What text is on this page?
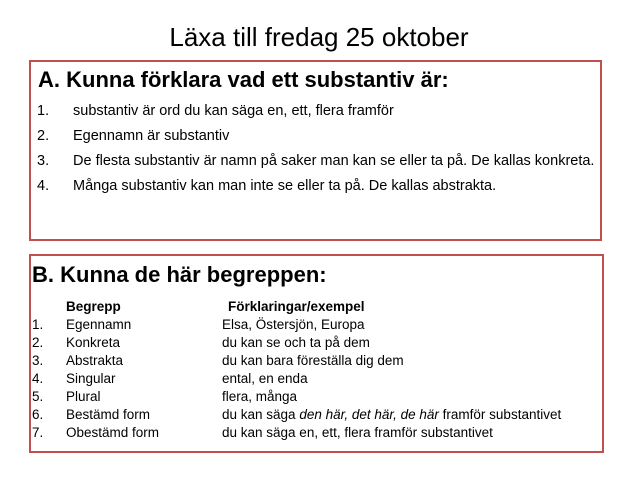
Läxa till fredag 25 oktober
A. Kunna förklara vad ett substantiv är:
1.	substantiv är ord du kan säga en, ett, flera framför
2.	Egennamn är substantiv
3.	De flesta substantiv är namn på saker man kan se eller ta på. De kallas konkreta.
4.	Många substantiv kan man inte se eller ta på. De kallas abstrakta.
B. Kunna de här begreppen:
	Begrepp	Förklaringar/exempel
1.	Egennamn	Elsa, Östersjön, Europa
2.	Konkreta	du kan se och ta på dem
3.	Abstrakta	du kan bara föreställa dig dem
4.	Singular	ental, en enda
5.	Plural	flera, många
6.	Bestämd form	du kan säga den här, det här, de här framför substantivet
7.	Obestämd form	du kan säga en, ett, flera framför substantivet
